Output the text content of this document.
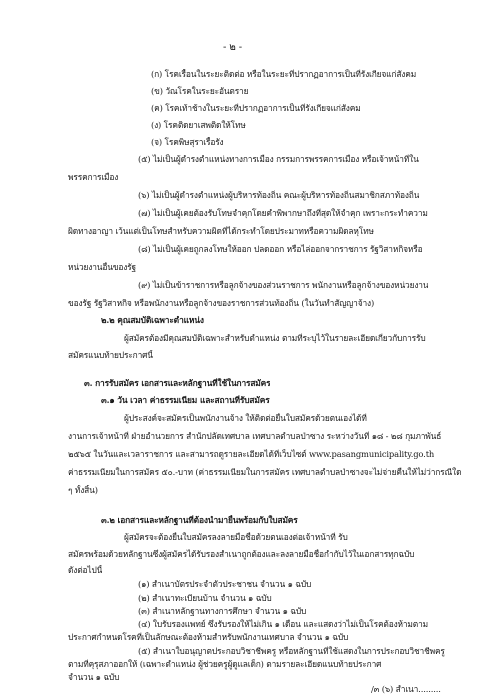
- ๒ -
(ก) โรคเรื้อนในระยะติดต่อ หรือในระยะที่ปรากฏอาการเป็นที่รังเกียจแก่สังคม
(ข) วัณโรคในระยะอันตราย
(ค) โรคเท้าช้างในระยะที่ปรากฏอาการเป็นที่รังเกียจแก่สังคม
(ง) โรคติดยาเสพติดให้โทษ
(จ) โรคพิษสุราเรื้อรัง
(๕) ไม่เป็นผู้ดำรงตำแหน่งทางการเมือง กรรมการพรรคการเมือง หรือเจ้าหน้าที่ใน
พรรคการเมือง
(๖) ไม่เป็นผู้ดำรงตำแหน่งผู้บริหารท้องถิ่น คณะผู้บริหารท้องถิ่นสมาชิกสภาท้องถิ่น
(๗) ไม่เป็นผู้เคยต้องรับโทษจำคุกโดยคำพิพากษาถึงที่สุดให้จำคุก เพราะกระทำความ
ผิดทางอาญา เว้นแต่เป็นโทษสำหรับความผิดที่ได้กระทำโดยประมาทหรือความผิดลหุโทษ
(๘) ไม่เป็นผู้เคยถูกลงโทษให้ออก ปลดออก หรือไล่ออกจากราชการ รัฐวิสาหกิจหรือ
หน่วยงานอื่นของรัฐ
(๙) ไม่เป็นข้าราชการหรือลูกจ้างของส่วนราชการ พนักงานหรือลูกจ้างของหน่วยงาน
ของรัฐ รัฐวิสาหกิจ หรือพนักงานหรือลูกจ้างของราชการส่วนท้องถิ่น (ในวันทำสัญญาจ้าง)
๒.๒ คุณสมบัติเฉพาะตำแหน่ง
ผู้สมัครต้องมีคุณสมบัติเฉพาะสำหรับตำแหน่ง ตามที่ระบุไว้ในรายละเอียดเกี่ยวกับการรับ
สมัครแนบท้ายประกาศนี้
๓. การรับสมัคร เอกสารและหลักฐานที่ใช้ในการสมัคร
๓.๑ วัน เวลา ค่าธรรมเนียม และสถานที่รับสมัคร
ผู้ประสงค์จะสมัครเป็นพนักงานจ้าง ให้ติดต่อยื่นใบสมัครด้วยตนเองได้ที่
งานการเจ้าหน้าที่ ฝ่ายอำนวยการ สำนักปลัดเทศบาล เทศบาลตำบลป่าซาง ระหว่างวันที่ ๑๘ - ๒๘ กุมภาพันธ์
๒๕๖๕ ในวันและเวลาราชการ และสามารถดูรายละเอียดได้ที่เว็บไซต์ www.pasangmunicipality.go.th
ค่าธรรมเนียมในการสมัคร ๕๐.-บาท (ค่าธรรมเนียมในการสมัคร เทศบาลตำบลป่าซางจะไม่จ่ายคืนให้ไม่ว่ากรณีใด
ๆ ทั้งสิ้น)
๓.๒ เอกสารและหลักฐานที่ต้องนำมายื่นพร้อมกับใบสมัคร
ผู้สมัครจะต้องยื่นใบสมัครลงลายมือชื่อด้วยตนเองต่อเจ้าหน้าที่ รับ
สมัครพร้อมด้วยหลักฐานซึ่งผู้สมัครได้รับรองสำเนาถูกต้องและลงลายมือชื่อกำกับไว้ในเอกสารทุกฉบับ
ดังต่อไปนี้
(๑) สำเนาบัตรประจำตัวประชาชน จำนวน ๑ ฉบับ
(๒) สำเนาทะเบียนบ้าน จำนวน ๑ ฉบับ
(๓) สำเนาหลักฐานทางการศึกษา จำนวน ๑ ฉบับ
(๔) ใบรับรองแพทย์ ซึ่งรับรองให้ไม่เกิน ๑ เดือน และแสดงว่าไม่เป็นโรคต้องห้ามตาม
ประกาศกำหนดโรคที่เป็นลักษณะต้องห้ามสำหรับพนักงานเทศบาล จำนวน ๑ ฉบับ
(๕) สำเนาใบอนุญาตประกอบวิชาชีพครู หรือหลักฐานที่ใช้แสดงในการประกอบวิชาชีพครู
ตามที่คุรุสภาออกให้ (เฉพาะตำแหน่ง ผู้ช่วยครูผู้ดูแลเด็ก) ตามรายละเอียดแนบท้ายประกาศ
จำนวน ๑ ฉบับ
/๓ (๖) สำเนา.........
